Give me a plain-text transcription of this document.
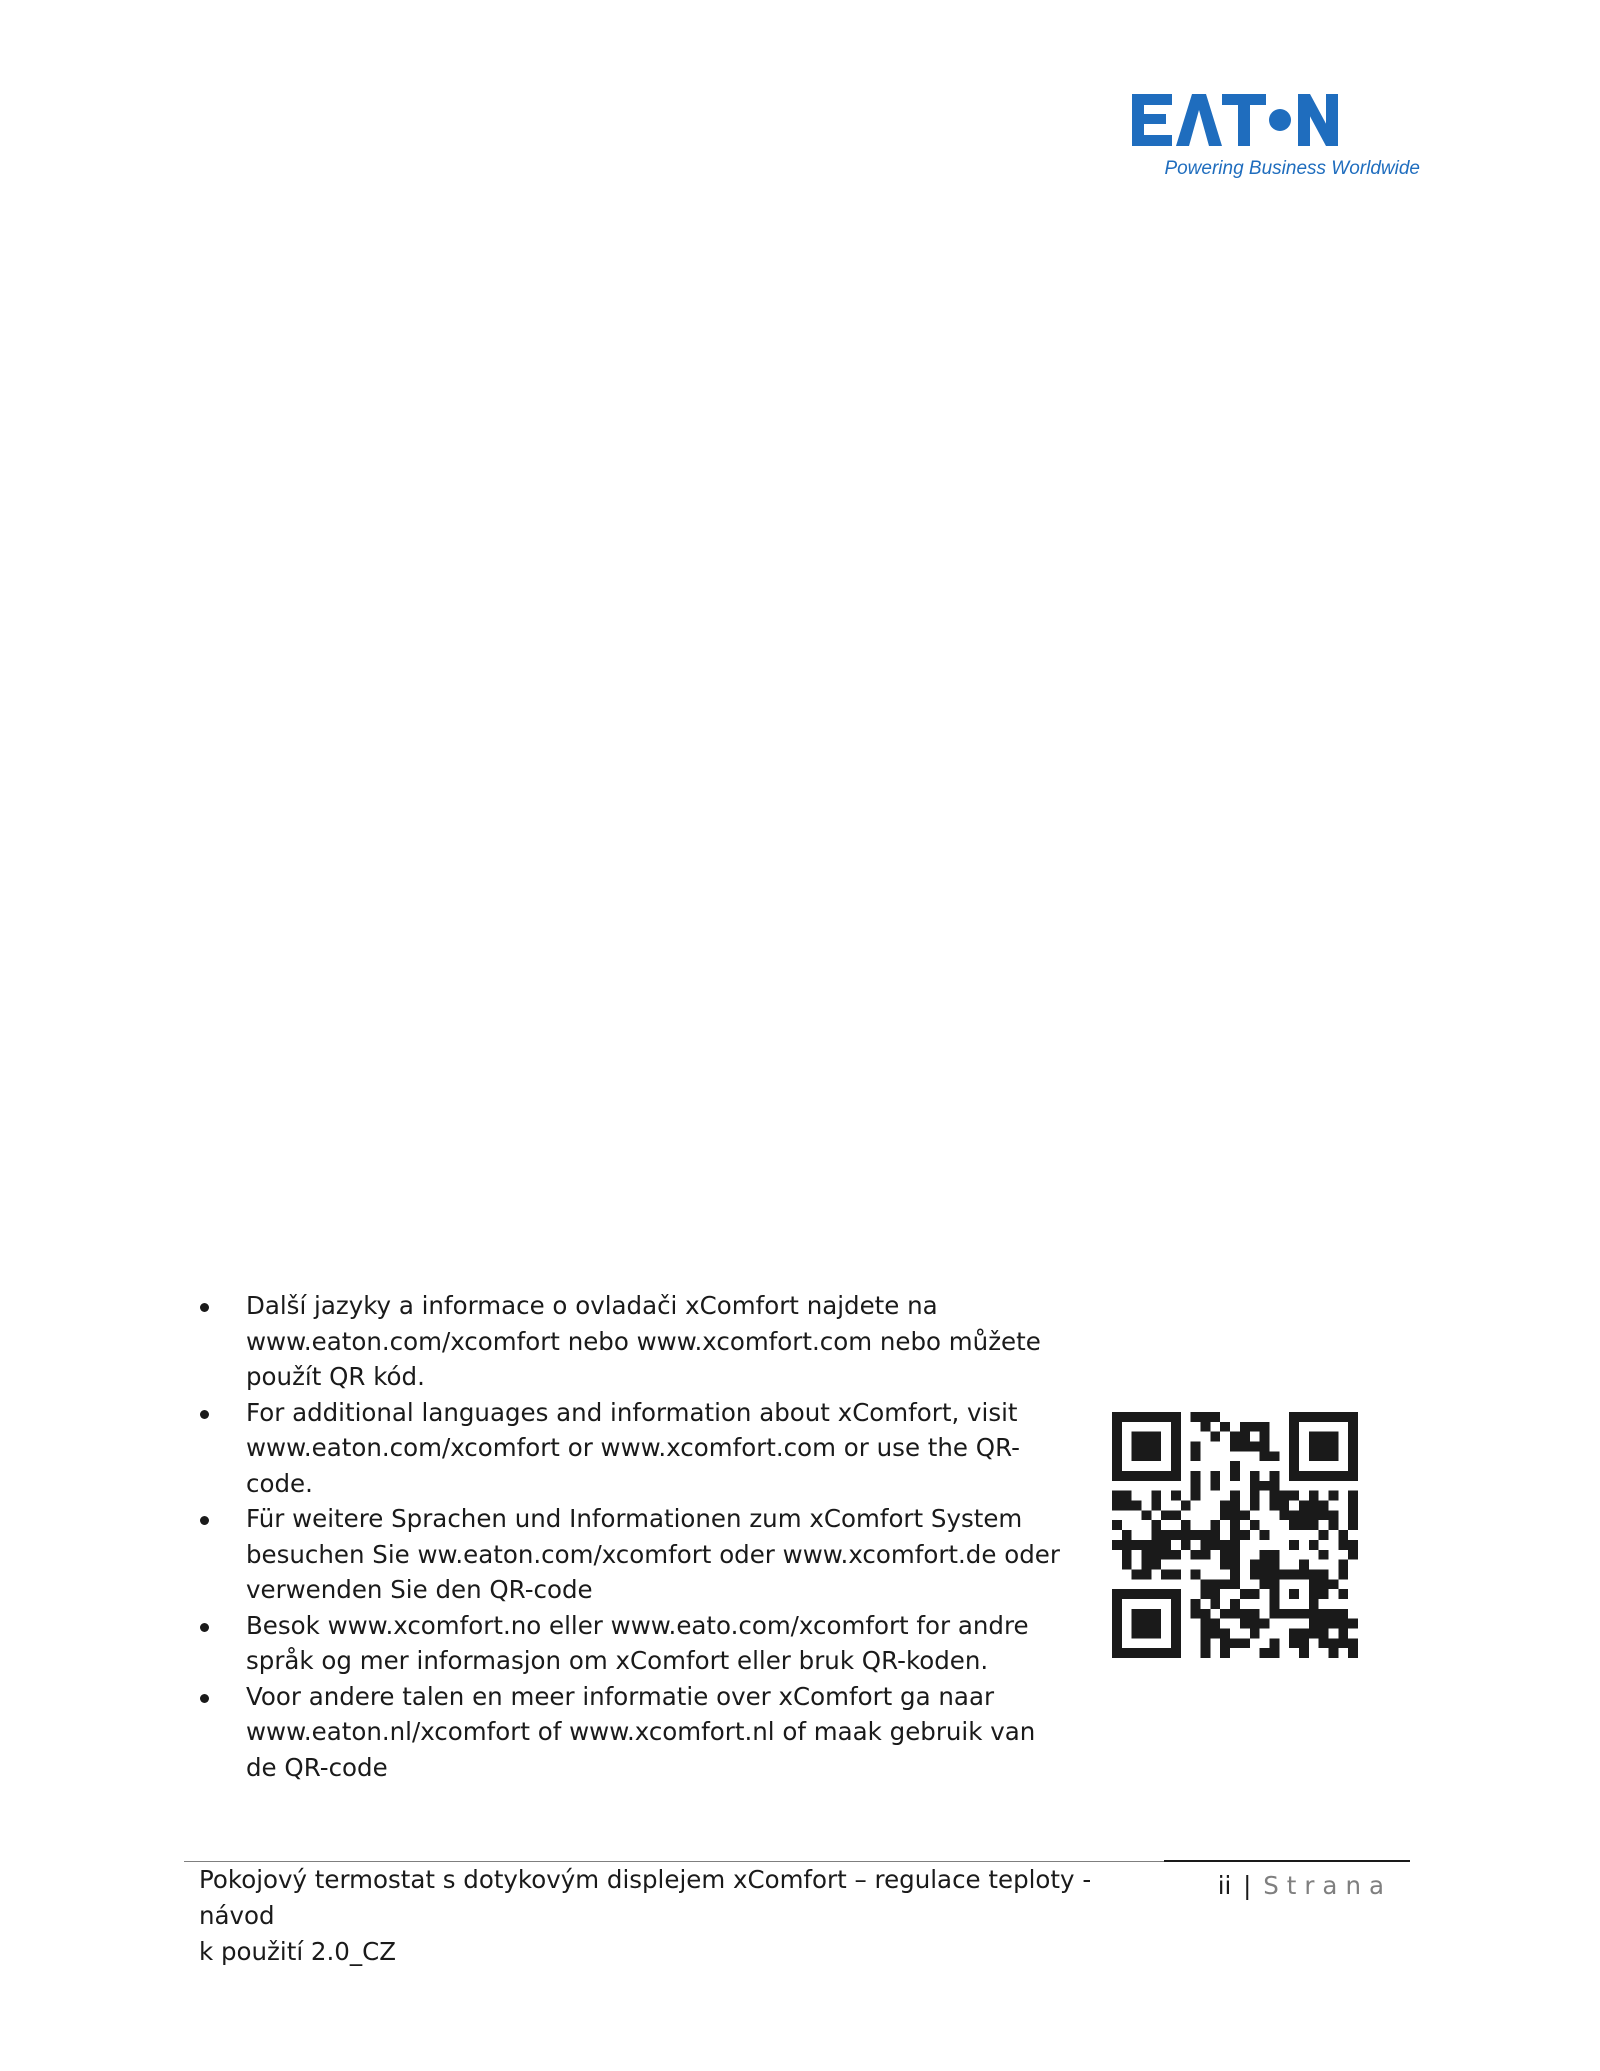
Powering Business Worldwide
Další jazyky a informace o ovladači xComfort najdete na
www.eaton.com/xcomfort nebo www.xcomfort.com nebo můžete
použít QR kód.
For additional languages and information about xComfort, visit
www.eaton.com/xcomfort or www.xcomfort.com or use the QR-
code.
Für weitere Sprachen und Informationen zum xComfort System
besuchen Sie ww.eaton.com/xcomfort oder www.xcomfort.de oder
verwenden Sie den QR-code
Besok www.xcomfort.no eller www.eato.com/xcomfort for andre
språk og mer informasjon om xComfort eller bruk QR-koden.
Voor andere talen en meer informatie over xComfort ga naar
www.eaton.nl/xcomfort of www.xcomfort.nl of maak gebruik van
de QR-code

Pokojový termostat s dotykovým displejem xComfort – regulace teploty - návod
k použití 2.0_CZ

ii | Strana
